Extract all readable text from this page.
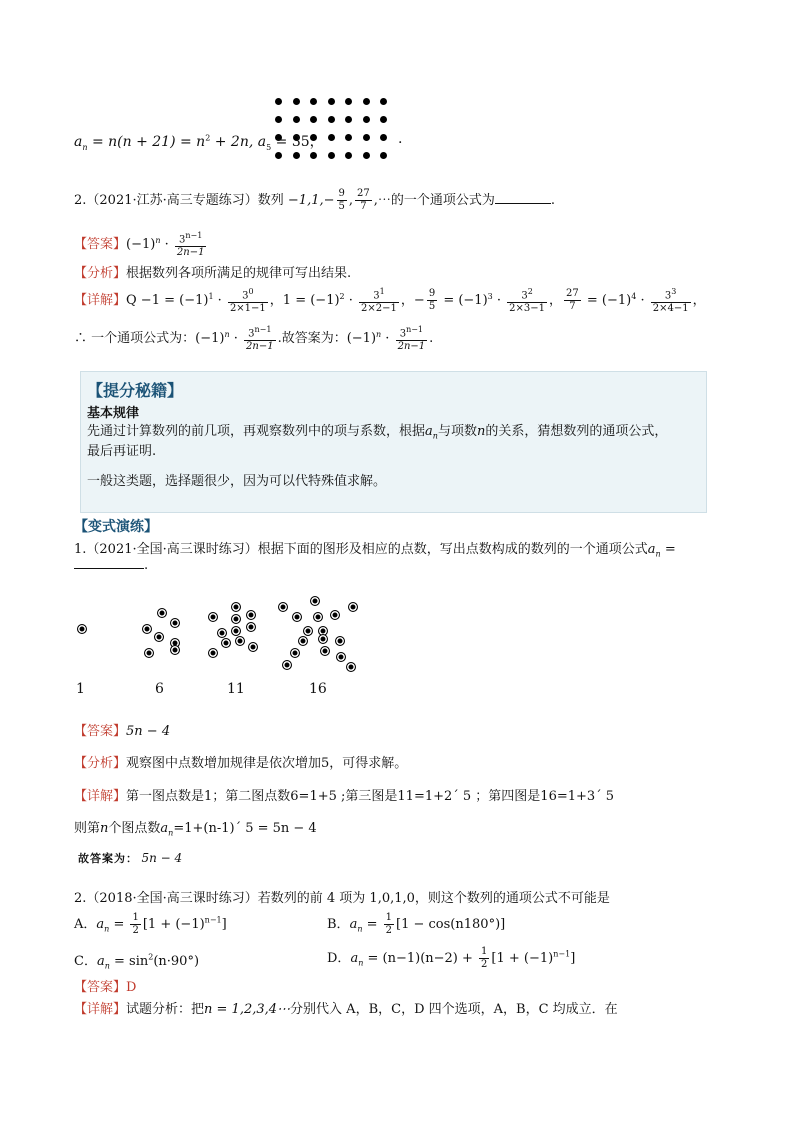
$a_n = n(n + 21) = n^2 + 2n$, $a_5 = 35$，	.
2.（2021·江苏·高三专题练习）数列 $-1,1,- \frac{9}{5}$ , $\frac{27}{7}$ ,⋯的一个通项公式为	.
【答案】$(-1)^n \cdot \frac{3^{n-1}}{2n-1}$
【分析】根据数列各项所满足的规律可写出结果.
【详解】$Q -1 = (-1)^1 \cdot \frac{3^0}{2\times 1-1}$ ，$1 = (-1)^2 \cdot \frac{3^1}{2\times 2-1}$ ，− $\frac{9}{5} = (-1)^3 \cdot \frac{3^2}{2\times 3-1}$ ， $\frac{27}{7} = (-1)^4 \cdot \frac{3^3}{2\times 4-1}$ ，
∴ 一个通项公式为：$(-1)^n \cdot \frac{3^{n-1}}{2n-1}$ .故答案为：$(-1)^n \cdot \frac{3^{n-1}}{2n-1}$ .
【提分秘籍】
基本规律
先通过计算数列的前几项，再观察数列中的项与系数，根据$a_n$与项数n的关系，猜想数列的通项公式，
最后再证明.
一般这类题，选择题很少，因为可以代特殊值求解。
【变式演练】
1.（2021·全国·高三课时练习）根据下面的图形及相应的点数，写出点数构成的数列的一个通项公式$a_n$ =
.
1	6	11	16
【答案】5n − 4
【分析】观察图中点数增加规律是依次增加5，可得求解。
【详解】第一图点数是1；第二图点数6=1+5 ;第三图是11=1+2´ 5 ；第四图是16=1+3´ 5
则第n个图点数$a_n=1+(n-1)´$ 5 = 5n − 4
故答案为： 5n − 4
2.（2018·全国·高三课时练习）若数列的前 4 项为 1,0,1,0，则这个数列的通项公式不可能是
A．$a_n = \frac{1}{2} [1 + (-1)^{n-1}]$	B．$a_n = \frac{1}{2} [1 - \cos(n180^\circ)]$
C．$a_n = \sin^2(n\cdot 90^\circ)$	D．$a_n = (n-1)(n-2) + \frac{1}{2} [1 + (-1)^{n-1}]$
【答案】D
【详解】试题分析：把n = 1,2,3,4⋯分别代入 A，B，C，D 四个选项，A，B，C 均成立．在
